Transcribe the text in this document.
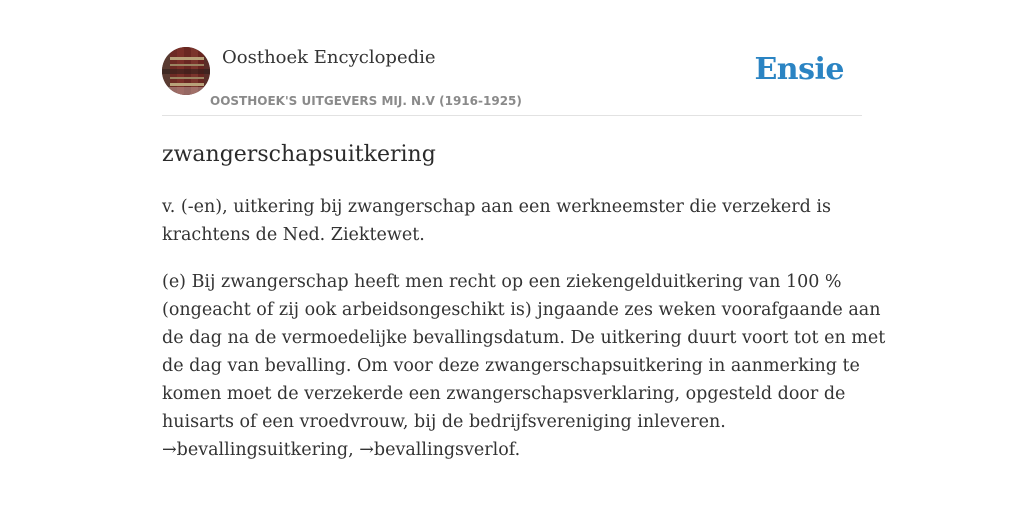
Oosthoek Encyclopedie
OOSTHOEK'S UITGEVERS MIJ. N.V (1916-1925)
Ensie
zwangerschapsuitkering

v. (-en), uitkering bij zwangerschap aan een werkneemster die verzekerd is
krachtens de Ned. Ziektewet.

(e) Bij zwangerschap heeft men recht op een ziekengelduitkering van 100 %
(ongeacht of zij ook arbeidsongeschikt is) jngaande zes weken voorafgaande aan
de dag na de vermoedelijke bevallingsdatum. De uitkering duurt voort tot en met
de dag van bevalling. Om voor deze zwangerschapsuitkering in aanmerking te
komen moet de verzekerde een zwangerschapsverklaring, opgesteld door de
huisarts of een vroedvrouw, bij de bedrijfsvereniging inleveren.
→bevallingsuitkering, →bevallingsverlof.
